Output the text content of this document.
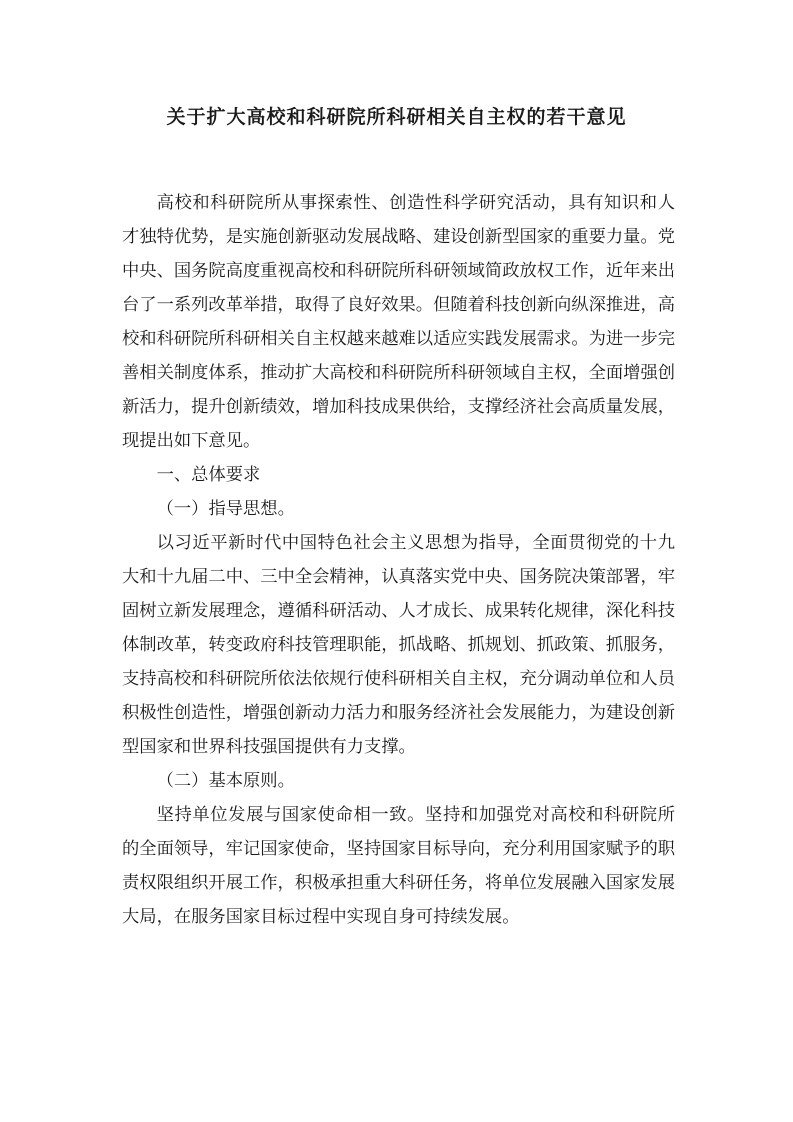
关于扩大高校和科研院所科研相关自主权的若干意见

高校和科研院所从事探索性、创造性科学研究活动，具有知识和人才独特优势，是实施创新驱动发展战略、建设创新型国家的重要力量。党中央、国务院高度重视高校和科研院所科研领域简政放权工作，近年来出台了一系列改革举措，取得了良好效果。但随着科技创新向纵深推进，高校和科研院所科研相关自主权越来越难以适应实践发展需求。为进一步完善相关制度体系，推动扩大高校和科研院所科研领域自主权，全面增强创新活力，提升创新绩效，增加科技成果供给，支撑经济社会高质量发展，现提出如下意见。

一、总体要求

（一）指导思想。

以习近平新时代中国特色社会主义思想为指导，全面贯彻党的十九大和十九届二中、三中全会精神，认真落实党中央、国务院决策部署，牢固树立新发展理念，遵循科研活动、人才成长、成果转化规律，深化科技体制改革，转变政府科技管理职能，抓战略、抓规划、抓政策、抓服务，支持高校和科研院所依法依规行使科研相关自主权，充分调动单位和人员积极性创造性，增强创新动力活力和服务经济社会发展能力，为建设创新型国家和世界科技强国提供有力支撑。

（二）基本原则。

坚持单位发展与国家使命相一致。坚持和加强党对高校和科研院所的全面领导，牢记国家使命，坚持国家目标导向，充分利用国家赋予的职责权限组织开展工作，积极承担重大科研任务，将单位发展融入国家发展大局，在服务国家目标过程中实现自身可持续发展。
